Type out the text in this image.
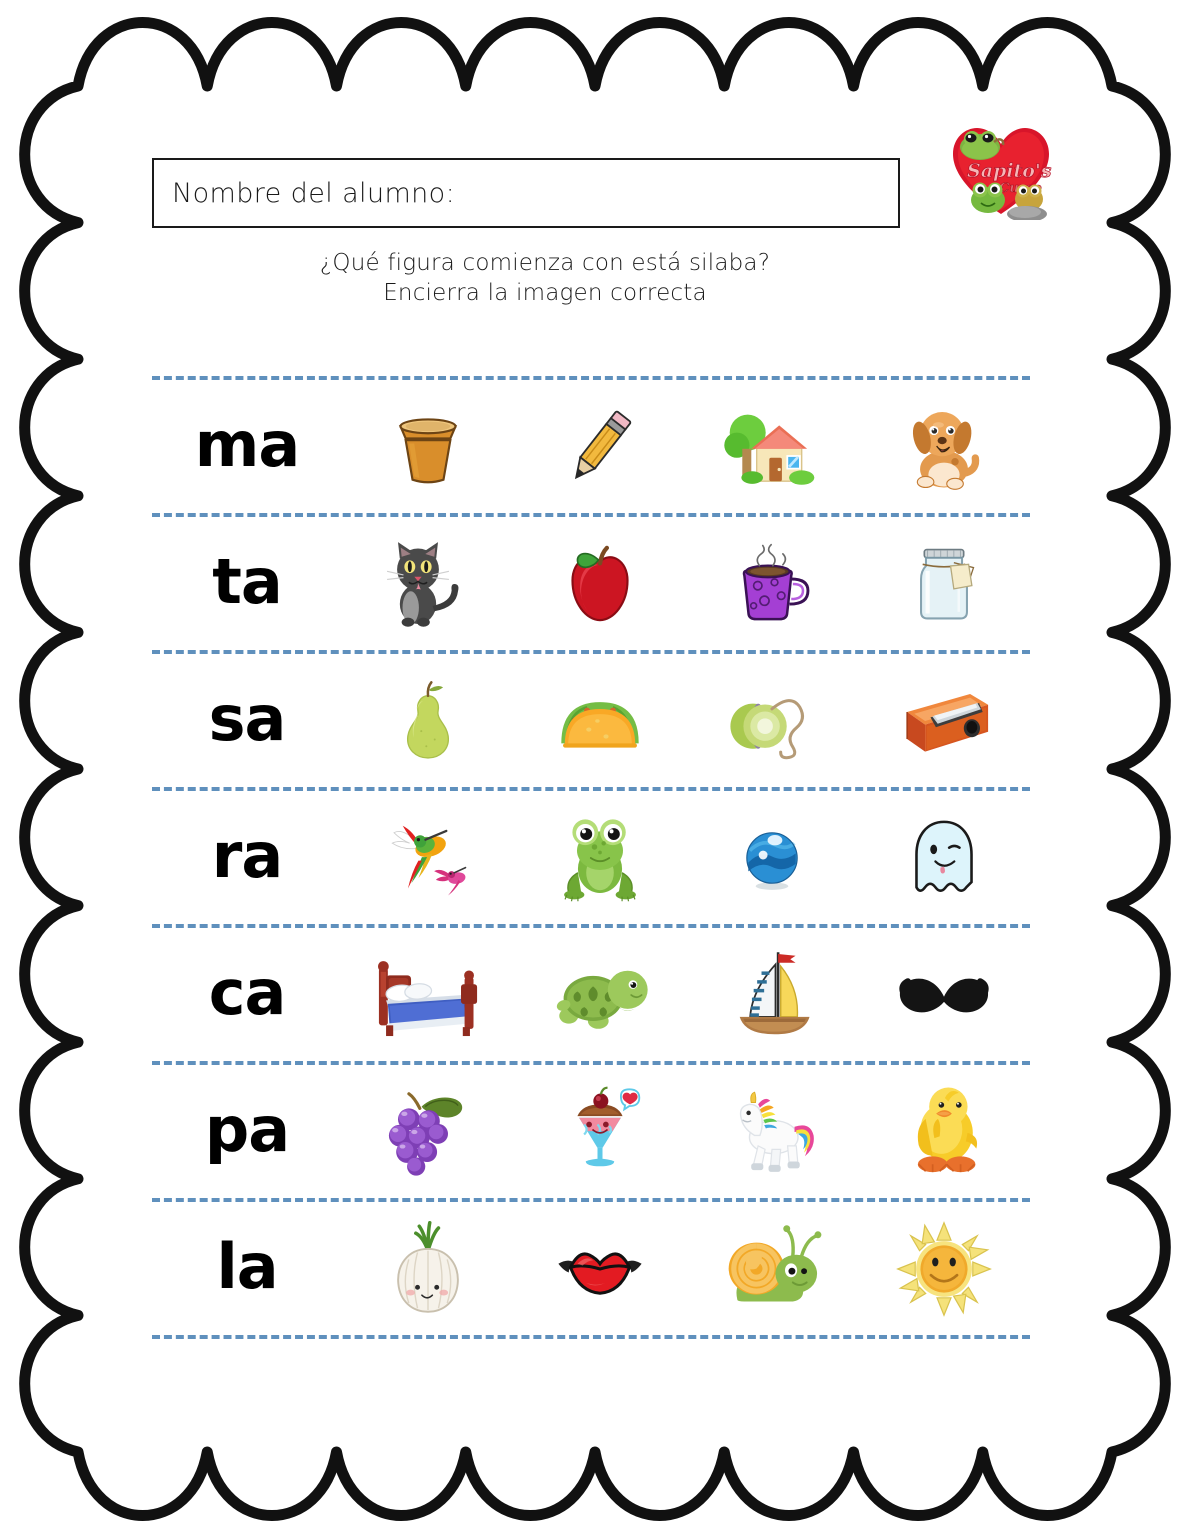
Nombre del alumno:
Sapito's
¿Qué figura comienza con está silaba?
Encierra la imagen correcta
ma
ta
sa
ra
ca
pa
la
